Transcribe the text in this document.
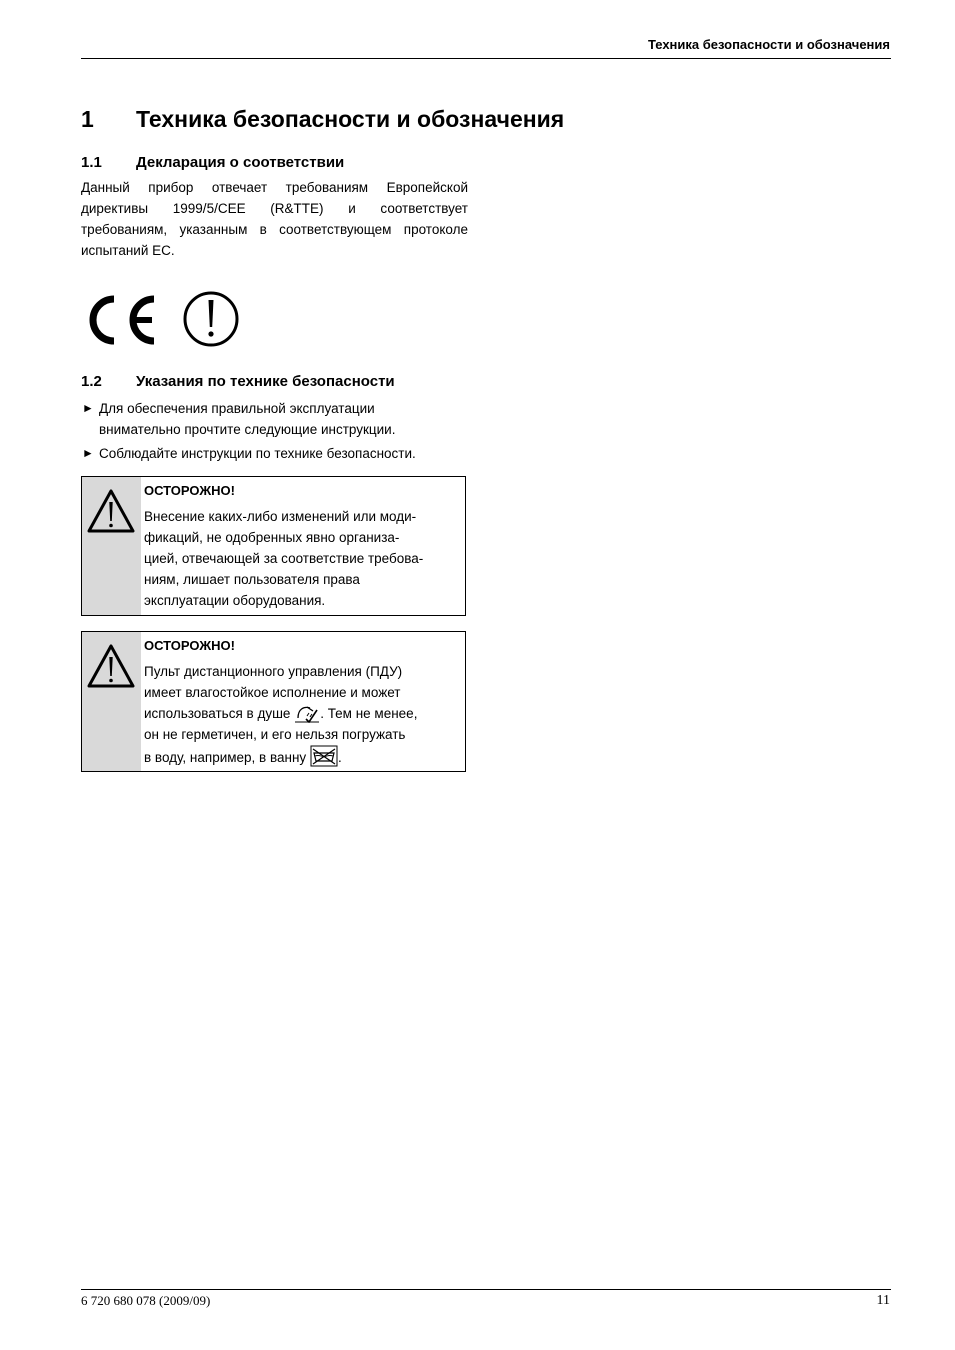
Техника безопасности и обозначения
1 Техника безопасности и обозначения
1.1 Декларация о соответствии
Данный прибор отвечает требованиям Европейской
директивы 1999/5/CEE (R&TTE) и соответствует
требованиям, указанным в соответствующем протоколе
испытаний ЕС.
1.2 Указания по технике безопасности
► Для обеспечения правильной эксплуатации
внимательно прочтите следующие инструкции.
► Соблюдайте инструкции по технике безопасности.
ОСТОРОЖНО!
Внесение каких-либо изменений или моди-
фикаций, не одобренных явно организа-
цией, отвечающей за соответствие требова-
ниям, лишает пользователя права
эксплуатации оборудования.
ОСТОРОЖНО!
Пульт дистанционного управления (ПДУ)
имеет влагостойкое исполнение и может
использоваться в душе . Тем не менее,
он не герметичен, и его нельзя погружать
в воду, например, в ванну .
6 720 680 078 (2009/09)	11
